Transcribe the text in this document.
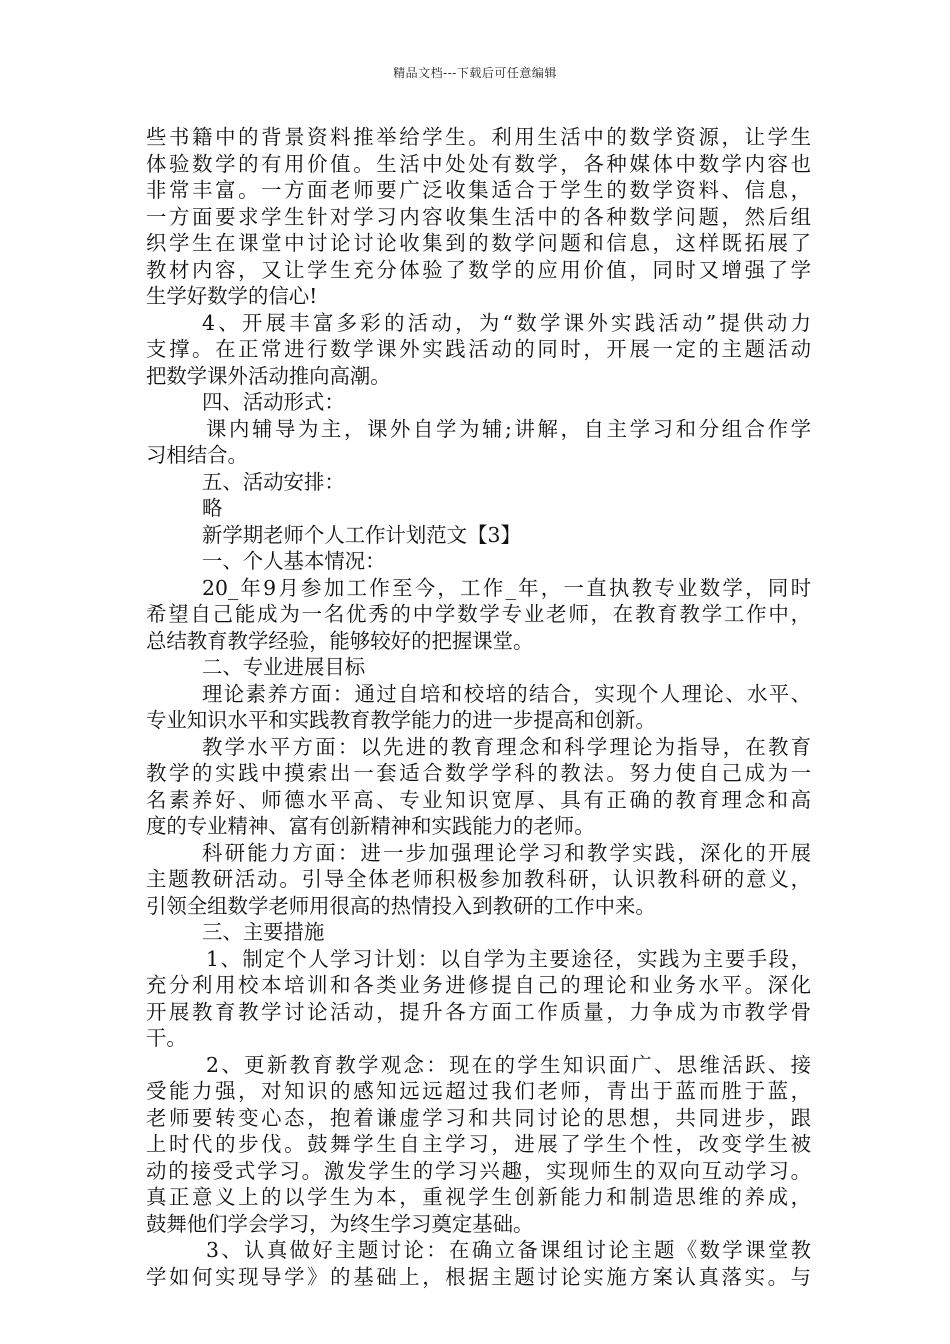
精品文档---下载后可任意编辑
些书籍中的背景资料推举给学生。利用生活中的数学资源，让学生
体验数学的有用价值。生活中处处有数学，各种媒体中数学内容也
非常丰富。一方面老师要广泛收集适合于学生的数学资料、信息，
一方面要求学生针对学习内容收集生活中的各种数学问题，然后组
织学生在课堂中讨论讨论收集到的数学问题和信息，这样既拓展了
教材内容，又让学生充分体验了数学的应用价值，同时又增强了学
生学好数学的信心!
4、开展丰富多彩的活动，为“数学课外实践活动”提供动力
支撑。在正常进行数学课外实践活动的同时，开展一定的主题活动
把数学课外活动推向高潮。
四、活动形式：
课内辅导为主，课外自学为辅;讲解，自主学习和分组合作学
习相结合。
五、活动安排：
略
新学期老师个人工作计划范文【3】
一、个人基本情况：
20_年9月参加工作至今，工作_年，一直执教专业数学，同时
希望自己能成为一名优秀的中学数学专业老师，在教育教学工作中，
总结教育教学经验，能够较好的把握课堂。
二、专业进展目标
理论素养方面：通过自培和校培的结合，实现个人理论、水平、
专业知识水平和实践教育教学能力的进一步提高和创新。
教学水平方面：以先进的教育理念和科学理论为指导，在教育
教学的实践中摸索出一套适合数学学科的教法。努力使自己成为一
名素养好、师德水平高、专业知识宽厚、具有正确的教育理念和高
度的专业精神、富有创新精神和实践能力的老师。
科研能力方面：进一步加强理论学习和教学实践，深化的开展
主题教研活动。引导全体老师积极参加教科研，认识教科研的意义，
引领全组数学老师用很高的热情投入到教研的工作中来。
三、主要措施
1、制定个人学习计划：以自学为主要途径，实践为主要手段，
充分利用校本培训和各类业务进修提自己的理论和业务水平。深化
开展教育教学讨论活动，提升各方面工作质量，力争成为市教学骨
干。
2、更新教育教学观念：现在的学生知识面广、思维活跃、接
受能力强，对知识的感知远远超过我们老师，青出于蓝而胜于蓝，
老师要转变心态，抱着谦虚学习和共同讨论的思想，共同进步，跟
上时代的步伐。鼓舞学生自主学习，进展了学生个性，改变学生被
动的接受式学习。激发学生的学习兴趣，实现师生的双向互动学习。
真正意义上的以学生为本，重视学生创新能力和制造思维的养成，
鼓舞他们学会学习，为终生学习奠定基础。
3、认真做好主题讨论：在确立备课组讨论主题《数学课堂教
学如何实现导学》的基础上，根据主题讨论实施方案认真落实。与
